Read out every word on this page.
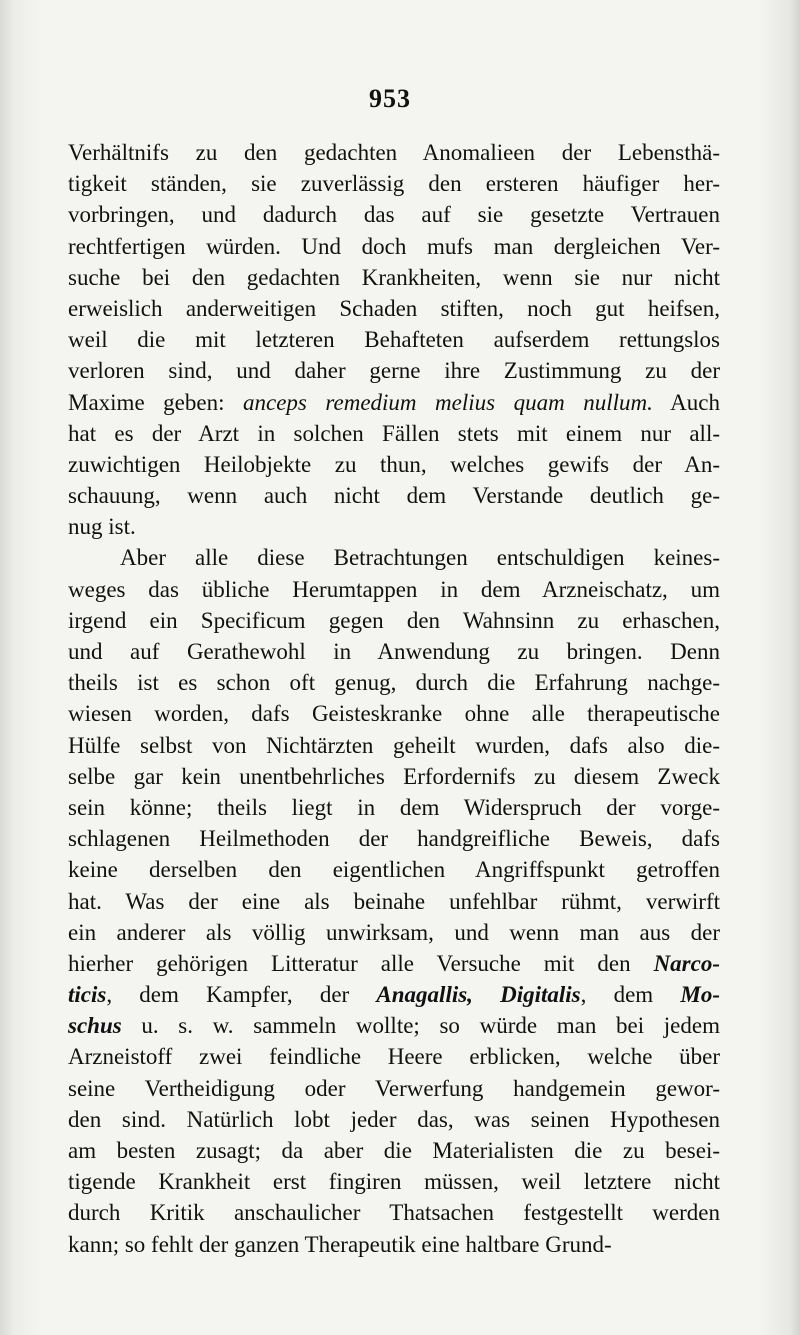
953
Verhältnifs zu den gedachten Anomalieen der Lebensthä-
tigkeit ständen, sie zuverlässig den ersteren häufiger her-
vorbringen, und dadurch das auf sie gesetzte Vertrauen
rechtfertigen würden. Und doch mufs man dergleichen Ver-
suche bei den gedachten Krankheiten, wenn sie nur nicht
erweislich anderweitigen Schaden stiften, noch gut heifsen,
weil die mit letzteren Behafteten aufserdem rettungslos
verloren sind, und daher gerne ihre Zustimmung zu der
Maxime geben: anceps remedium melius quam nullum. Auch
hat es der Arzt in solchen Fällen stets mit einem nur all-
zuwichtigen Heilobjekte zu thun, welches gewifs der An-
schauung, wenn auch nicht dem Verstande deutlich ge-
nug ist.
Aber alle diese Betrachtungen entschuldigen keines-
weges das übliche Herumtappen in dem Arzneischatz, um
irgend ein Specificum gegen den Wahnsinn zu erhaschen,
und auf Gerathewohl in Anwendung zu bringen. Denn
theils ist es schon oft genug, durch die Erfahrung nachge-
wiesen worden, dafs Geisteskranke ohne alle therapeutische
Hülfe selbst von Nichtärzten geheilt wurden, dafs also die-
selbe gar kein unentbehrliches Erfordernifs zu diesem Zweck
sein könne; theils liegt in dem Widerspruch der vorge-
schlagenen Heilmethoden der handgreifliche Beweis, dafs
keine derselben den eigentlichen Angriffspunkt getroffen
hat. Was der eine als beinahe unfehlbar rühmt, verwirft
ein anderer als völlig unwirksam, und wenn man aus der
hierher gehörigen Litteratur alle Versuche mit den Narco-
ticis, dem Kampfer, der Anagallis, Digitalis, dem Mo-
schus u. s. w. sammeln wollte; so würde man bei jedem
Arzneistoff zwei feindliche Heere erblicken, welche über
seine Vertheidigung oder Verwerfung handgemein gewor-
den sind. Natürlich lobt jeder das, was seinen Hypothesen
am besten zusagt; da aber die Materialisten die zu besei-
tigende Krankheit erst fingiren müssen, weil letztere nicht
durch Kritik anschaulicher Thatsachen festgestellt werden
kann; so fehlt der ganzen Therapeutik eine haltbare Grund-
